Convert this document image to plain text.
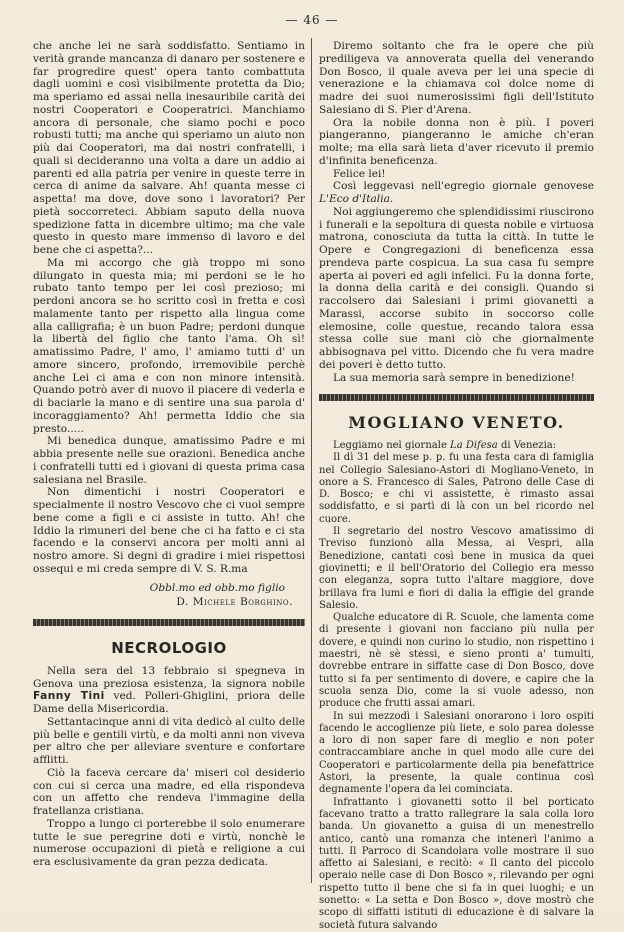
— 46 —

che anche lei ne sarà soddisfatto. Sentiamo in verità grande mancanza di danaro per sostenere e far progredire quest' opera tanto combattuta dagli uomini e così visibilmente protetta da Dio; ma speriamo ed assai nella inesauribile carità dei nostri Cooperatori e Cooperatrici. Manchiamo ancora di personale, che siamo pochi e poco robusti tutti; ma anche qui speriamo un aiuto non più dai Cooperatori, ma dai nostri confratelli, i quali si decideranno una volta a dare un addio ai parenti ed alla patria per venire in queste terre in cerca di anime da salvare. Ah! quanta messe ci aspetta! ma dove, dove sono i lavoratori? Per pietà soccorreteci. Abbiam saputo della nuova spedizione fatta in dicembre ultimo; ma che vale questo in questo mare immenso di lavoro e del bene che ci aspetta?...

Ma mi accorgo che già troppo mi sono dilungato in questa mia; mi perdoni se le ho rubato tanto tempo per lei così prezioso; mi perdoni ancora se ho scritto così in fretta e così malamente tanto per rispetto alla lingua come alla calligrafia; è un buon Padre; perdoni dunque la libertà del figlio che tanto l'ama. Oh sì! amatissimo Padre, l' amo, l' amiamo tutti d' un amore sincero, profondo, irremovibile perchè anche Lei ci ama e con non minore intensità. Quando potrò aver di nuovo il piacere di vederla e di baciarle la mano e di sentire una sua parola d' incoraggiamento? Ah! permetta Iddio che sia presto.....

Mi benedica dunque, amatissimo Padre e mi abbia presente nelle sue orazioni. Benedica anche i confratelli tutti ed i giovani di questa prima casa salesiana nel Brasile.

Non dimentichi i nostri Cooperatori e specialmente il nostro Vescovo che ci vuol sempre bene come a figli e ci assiste in tutto. Ah! che Iddio la rimuneri del bene che ci ha fatto e ci sta facendo e la conservi ancora per molti anni al nostro amore. Si degni di gradire i miei rispettosi ossequi e mi creda sempre di V. S. R.ma

Obbl.mo ed obb.mo figlio

D. Michele Borghino.

NECROLOGIO

Nella sera del 13 febbraio si spegneva in Genova una preziosa esistenza, la signora nobile Fanny Tini ved. Polleri-Ghiglini, priora delle Dame della Misericordia.

Settantacinque anni di vita dedicò al culto delle più belle e gentili virtù, e da molti anni non viveva per altro che per alleviare sventure e confortare afflitti.

Ciò la faceva cercare da' miseri col desiderio con cui si cerca una madre, ed ella rispondeva con un affetto che rendeva l'immagine della fratellanza cristiana.

Troppo a lungo ci porterebbe il solo enumerare tutte le sue peregrine doti e virtù, nonchè le numerose occupazioni di pietà e religione a cui era esclusivamente da gran pezza dedicata.

Diremo soltanto che fra le opere che più prediligeva va annoverata quella del venerando Don Bosco, il quale aveva per lei una specie di venerazione e la chiamava col dolce nome di madre dei suoi numerosissimi figli dell'Istituto Salesiano di S. Pier d'Arena.

Ora la nobile donna non è più. I poveri piangeranno, piangeranno le amiche ch'eran molte; ma ella sarà lieta d'aver ricevuto il premio d'infinita beneficenza.

Felice lei!

Così leggevasi nell'egregio giornale genovese L'Eco d'Italia.

Noi aggiungeremo che splendidissimi riuscirono i funerali e la sepoltura di questa nobile e virtuosa matrona, conosciuta da tutta la città. In tutte le Opere e Congregazioni di beneficenza essa prendeva parte cospicua. La sua casa fu sempre aperta ai poveri ed agli infelici. Fu la donna forte, la donna della carità e dei consigli. Quando si raccolsero dai Salesiani i primi giovanetti a Marassi, accorse subito in soccorso colle elemosine, colle questue, recando talora essa stessa colle sue mani ciò che giornalmente abbisognava pel vitto. Dicendo che fu vera madre dei poveri è detto tutto.

La sua memoria sarà sempre in benedizione!

MOGLIANO VENETO.

Leggiamo nel giornale La Difesa di Venezia:

Il dì 31 del mese p. p. fu una festa cara di famiglia nel Collegio Salesiano-Astori di Mogliano-Veneto, in onore a S. Francesco di Sales, Patrono delle Case di D. Bosco; e chi vi assistette, è rimasto assai soddisfatto, e si partì di là con un bel ricordo nel cuore.

Il segretario del nostro Vescovo amatissimo di Treviso funzionò alla Messa, ai Vespri, alla Benedizione, cantati così bene in musica da quei giovinetti; e il bell'Oratorio del Collegio era messo con eleganza, sopra tutto l'altare maggiore, dove brillava fra lumi e fiori di dalia la effigie del grande Salesio.

Qualche educatore di R. Scuole, che lamenta come di presente i giovani non facciano più nulla per dovere, e quindi non curino lo studio, non rispettino i maestri, nè sè stessi, e sieno pronti a' tumulti, dovrebbe entrare in siffatte case di Don Bosco, dove tutto si fa per sentimento di dovere, e capire che la scuola senza Dio, come la si vuole adesso, non produce che frutti assai amari.

In sui mezzodì i Salesiani onorarono i loro ospiti facendo le accoglienze più liete, e solo parea dolesse a loro di non saper fare di meglio e non poter contraccambiare anche in quel modo alle cure dei Cooperatori e particolarmente della pia benefattrice Astori, la presente, la quale continua così degnamente l'opera da lei cominciata.

Infrattanto i giovanetti sotto il bel porticato facevano tratto a tratto rallegrare la sala colla loro banda. Un giovanetto a guisa di un menestrello antico, cantò una romanza che intenerì l'animo a tutti. Il Parroco di Scandolara volle mostrare il suo affetto ai Salesiani, e recitò: « Il canto del piccolo operaio nelle case di Don Bosco », rilevando per ogni rispetto tutto il bene che si fa in quei luoghi; e un sonetto: « La setta e Don Bosco », dove mostrò che scopo di siffatti istituti di educazione è di salvare la società futura salvando
